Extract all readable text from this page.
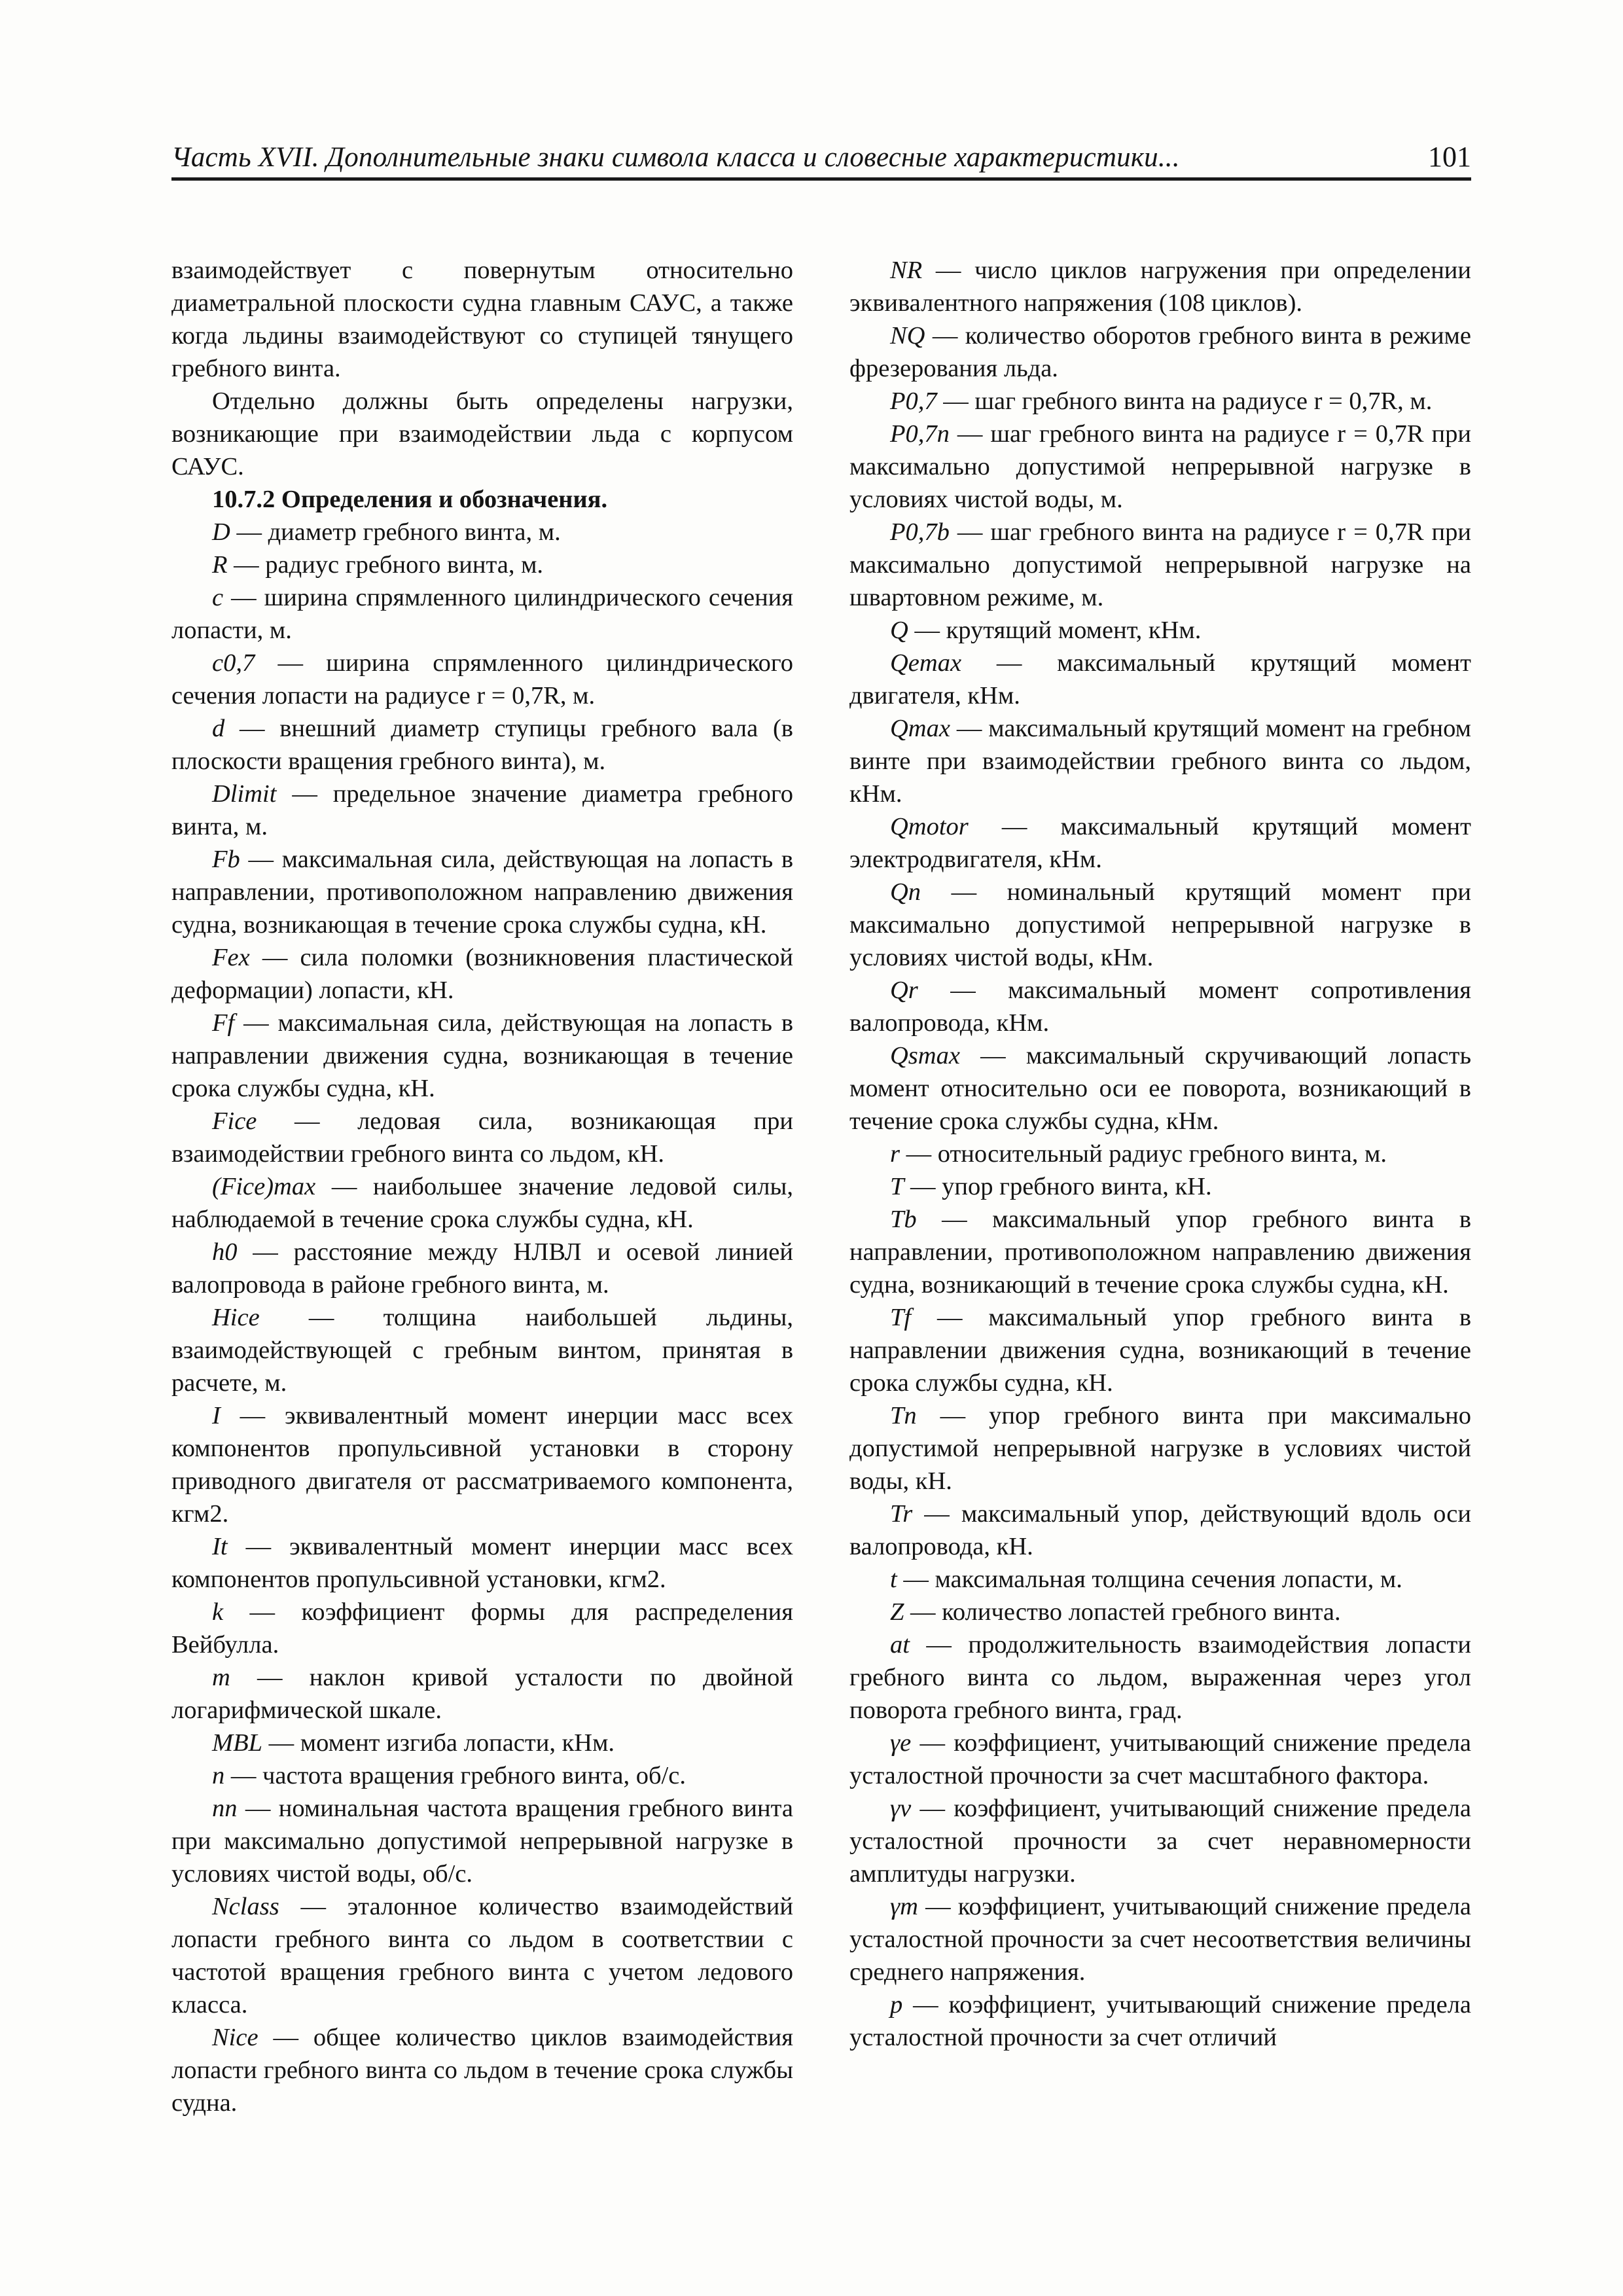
Часть XVII. Дополнительные знаки символа класса и словесные характеристики...	101

взаимодействует с повернутым относительно диаметральной плоскости судна главным САУС, а также когда льдины взаимодействуют со ступицей тянущего гребного винта.

Отдельно должны быть определены нагрузки, возникающие при взаимодействии льда с корпусом САУС.

10.7.2 Определения и обозначения.

D — диаметр гребного винта, м.

R — радиус гребного винта, м.

c — ширина спрямленного цилиндрического сечения лопасти, м.

c0,7 — ширина спрямленного цилиндрического сечения лопасти на радиусе r = 0,7R, м.

d — внешний диаметр ступицы гребного вала (в плоскости вращения гребного винта), м.

Dlimit — предельное значение диаметра гребного винта, м.

Fb — максимальная сила, действующая на лопасть в направлении, противоположном направлению движения судна, возникающая в течение срока службы судна, кН.

Fex — сила поломки (возникновения пластической деформации) лопасти, кН.

Ff — максимальная сила, действующая на лопасть в направлении движения судна, возникающая в течение срока службы судна, кН.

Fice — ледовая сила, возникающая при взаимодействии гребного винта со льдом, кН.

(Fice)max — наибольшее значение ледовой силы, наблюдаемой в течение срока службы судна, кН.

h0 — расстояние между НЛВЛ и осевой линией валопровода в районе гребного винта, м.

Hice — толщина наибольшей льдины, взаимодействующей с гребным винтом, принятая в расчете, м.

I — эквивалентный момент инерции масс всех компонентов пропульсивной установки в сторону приводного двигателя от рассматриваемого компонента, кгм2.

It — эквивалентный момент инерции масс всех компонентов пропульсивной установки, кгм2.

k — коэффициент формы для распределения Вейбулла.

m — наклон кривой усталости по двойной логарифмической шкале.

MBL — момент изгиба лопасти, кНм.

n — частота вращения гребного винта, об/с.

nn — номинальная частота вращения гребного винта при максимально допустимой непрерывной нагрузке в условиях чистой воды, об/с.

Nclass — эталонное количество взаимодействий лопасти гребного винта со льдом в соответствии с частотой вращения гребного винта с учетом ледового класса.

Nice — общее количество циклов взаимодействия лопасти гребного винта со льдом в течение срока службы судна.

NR — число циклов нагружения при определении эквивалентного напряжения (108 циклов).

NQ — количество оборотов гребного винта в режиме фрезерования льда.

P0,7 — шаг гребного винта на радиусе r = 0,7R, м.

P0,7n — шаг гребного винта на радиусе r = 0,7R при максимально допустимой непрерывной нагрузке в условиях чистой воды, м.

P0,7b — шаг гребного винта на радиусе r = 0,7R при максимально допустимой непрерывной нагрузке на швартовном режиме, м.

Q — крутящий момент, кНм.

Qemax — максимальный крутящий момент двигателя, кНм.

Qmax — максимальный крутящий момент на гребном винте при взаимодействии гребного винта со льдом, кНм.

Qmotor — максимальный крутящий момент электродвигателя, кНм.

Qn — номинальный крутящий момент при максимально допустимой непрерывной нагрузке в условиях чистой воды, кНм.

Qr — максимальный момент сопротивления валопровода, кНм.

Qsmax — максимальный скручивающий лопасть момент относительно оси ее поворота, возникающий в течение срока службы судна, кНм.

r — относительный радиус гребного винта, м.

T — упор гребного винта, кН.

Tb — максимальный упор гребного винта в направлении, противоположном направлению движения судна, возникающий в течение срока службы судна, кН.

Tf — максимальный упор гребного винта в направлении движения судна, возникающий в течение срока службы судна, кН.

Tn — упор гребного винта при максимально допустимой непрерывной нагрузке в условиях чистой воды, кН.

Tr — максимальный упор, действующий вдоль оси валопровода, кН.

t — максимальная толщина сечения лопасти, м.

Z — количество лопастей гребного винта.

at — продолжительность взаимодействия лопасти гребного винта со льдом, выраженная через угол поворота гребного винта, град.

γe — коэффициент, учитывающий снижение предела усталостной прочности за счет масштабного фактора.

γv — коэффициент, учитывающий снижение предела усталостной прочности за счет неравномерности амплитуды нагрузки.

γm — коэффициент, учитывающий снижение предела усталостной прочности за счет несоответствия величины среднего напряжения.

р — коэффициент, учитывающий снижение предела усталостной прочности за счет отличий
